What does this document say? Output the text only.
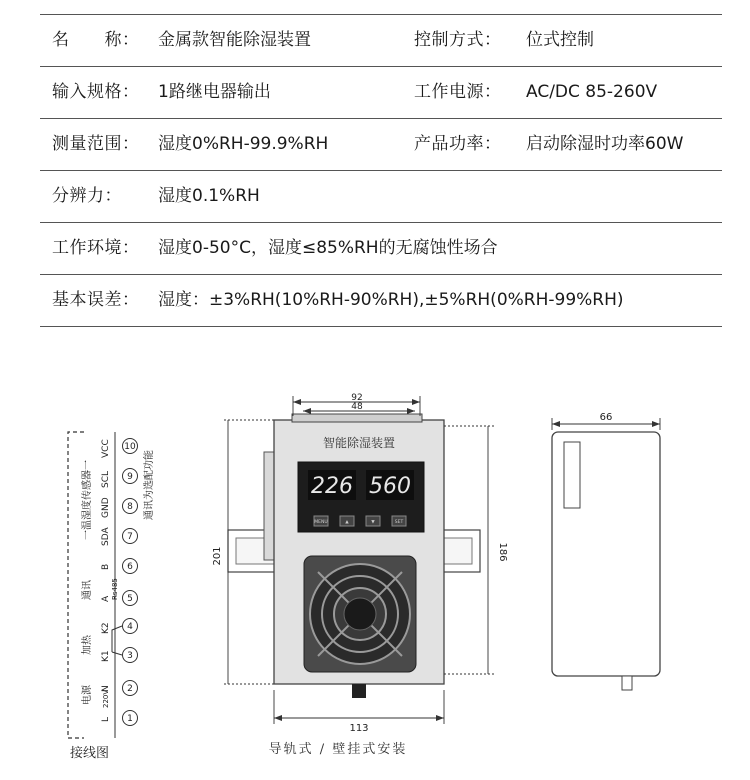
名　　称： 金属款智能除湿装置	控制方式： 位式控制
输入规格： 1路继电器输出	工作电源： AC/DC 85-260V
测量范围： 湿度0%RH-99.9%RH	产品功率： 启动除湿时功率60W
分辨力： 湿度0.1%RH
工作环境： 湿度0-50°C，湿度≤85%RH的无腐蚀性场合
基本误差： 湿度：±3%RH(10%RH-90%RH),±5%RH(0%RH-99%RH)
1
2
3
4
5
6
7
8
9
10
L
220V
N
K1
K2
A
B
SDA
GND
SCL
VCC
Rs485
电源
加热
通讯
一温湿度传感器一	通讯为选配功能
接线图
智能除湿装置
226 560
MENU	▲	▼	SET
92
48
201	186
113
导轨式 / 壁挂式安装
66
